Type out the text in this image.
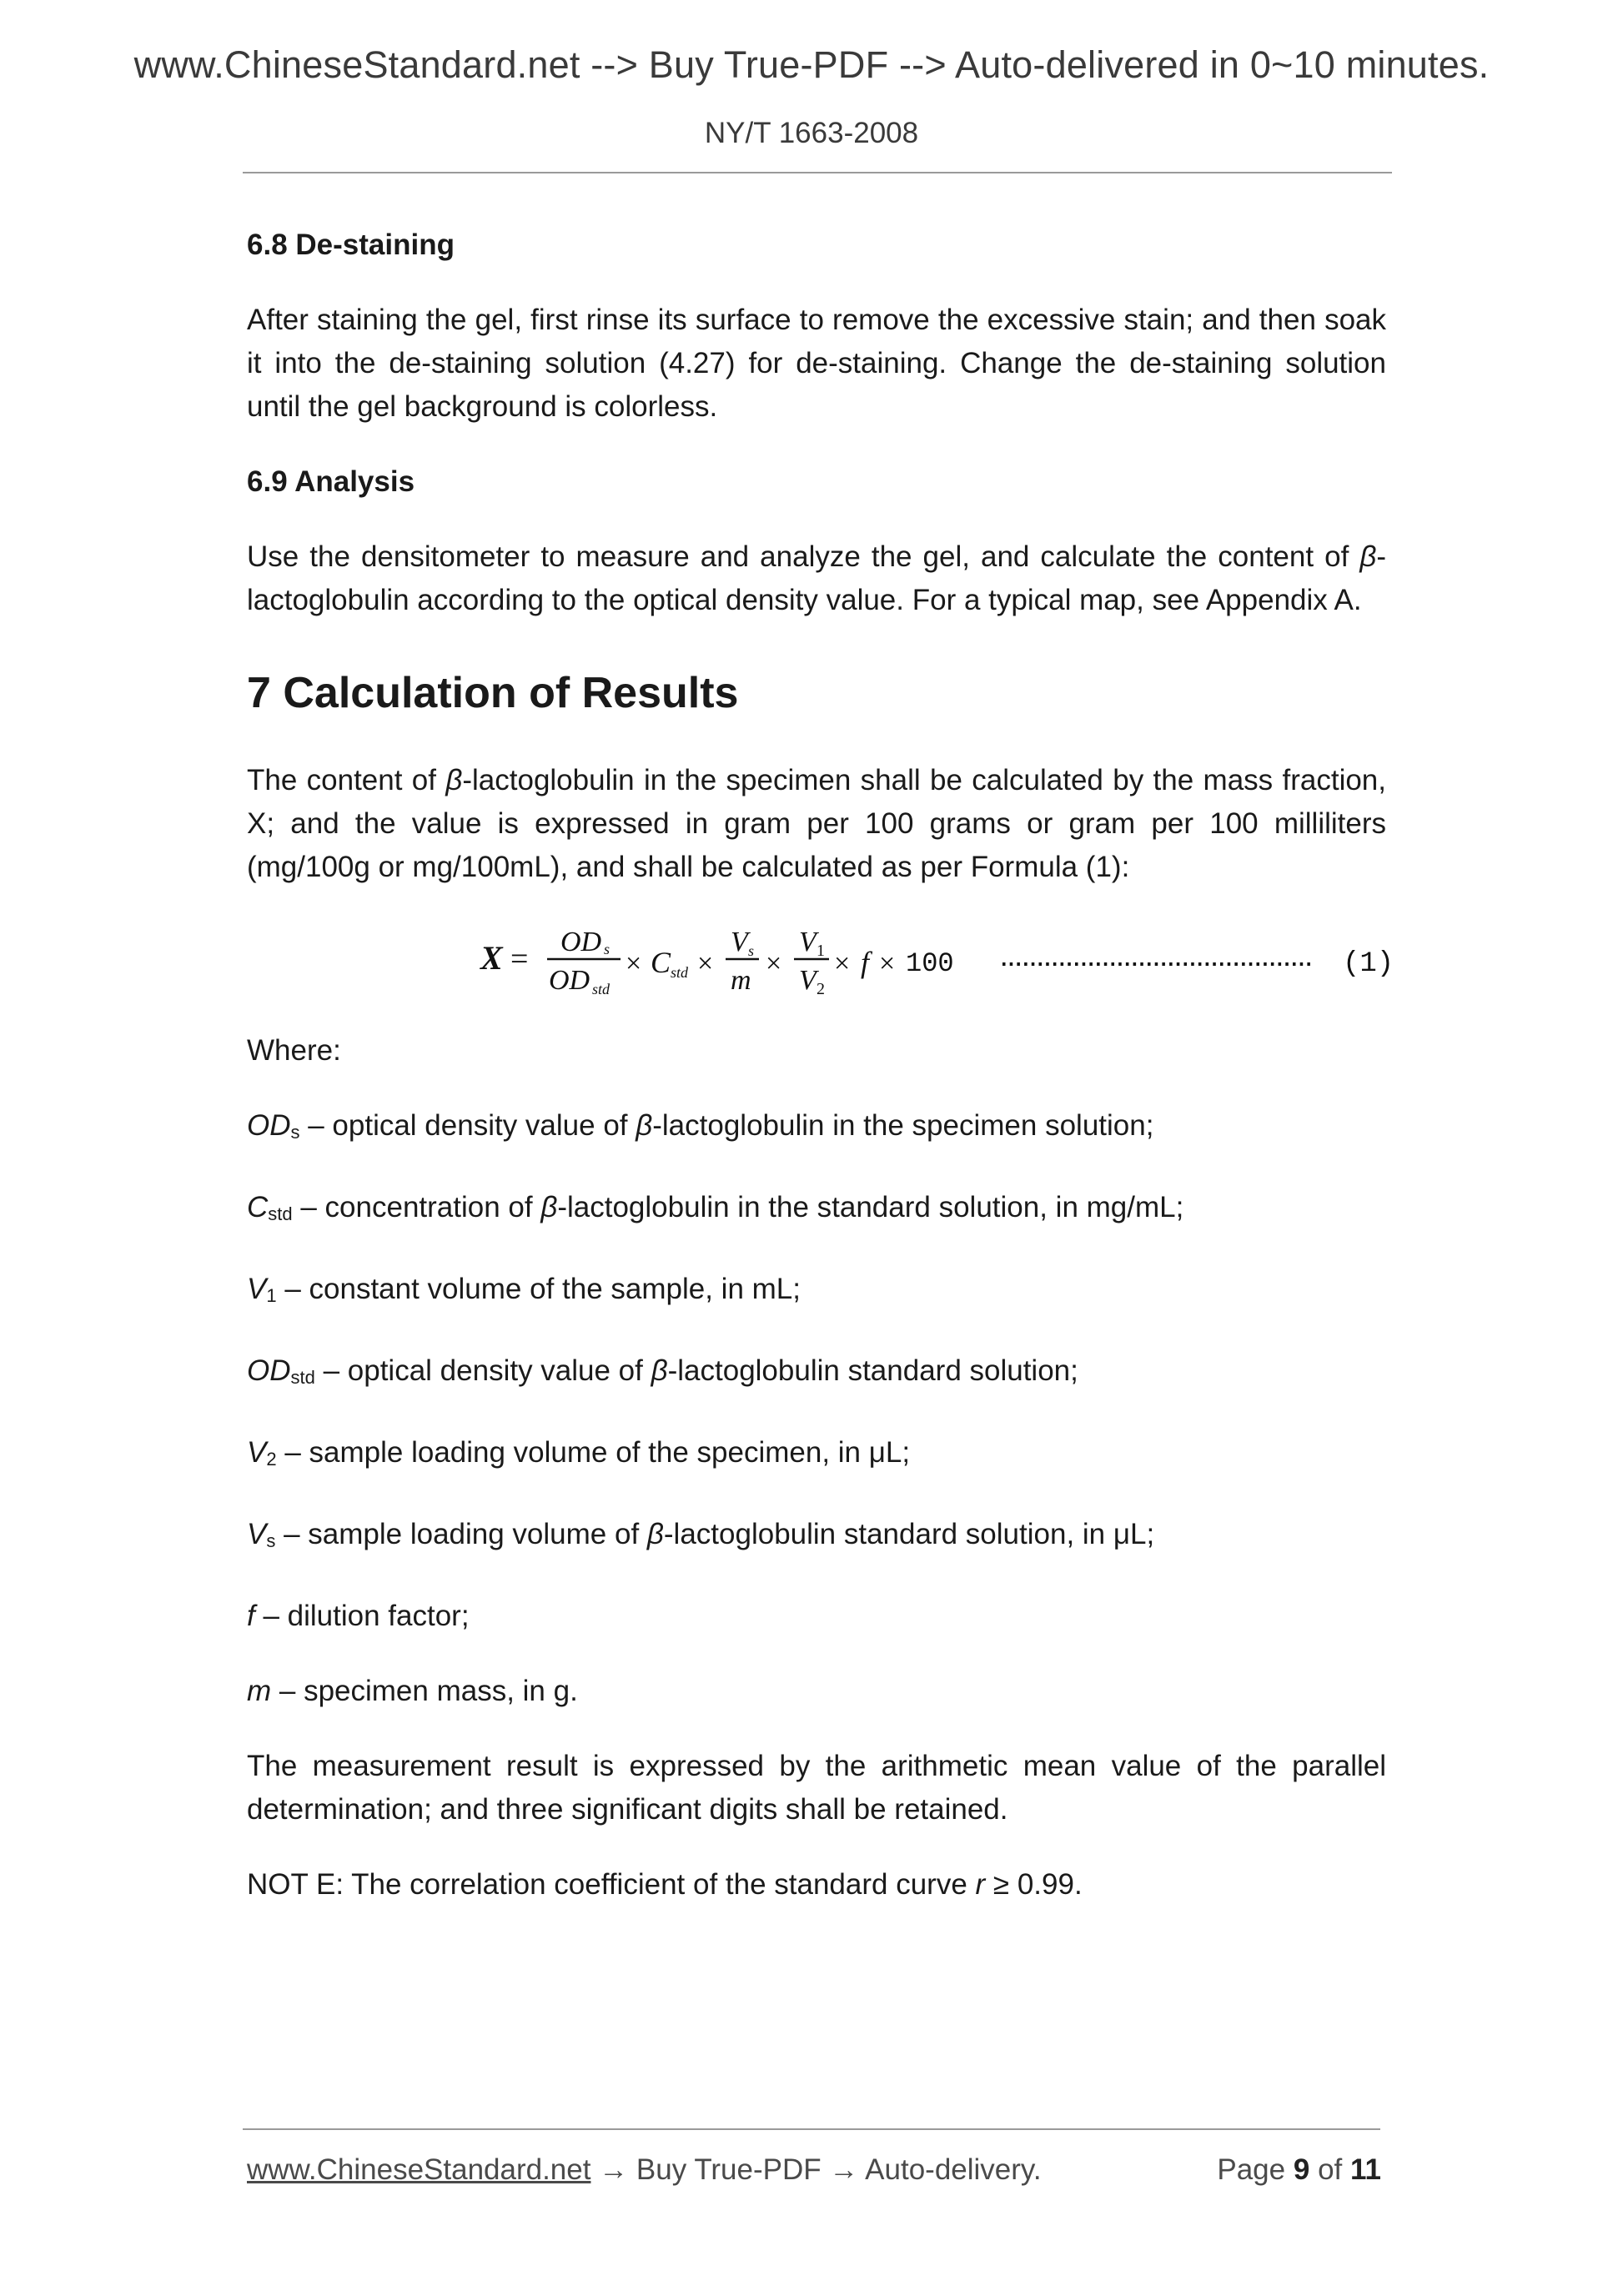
www.ChineseStandard.net --> Buy True-PDF --> Auto-delivered in 0~10 minutes.
NY/T 1663-2008

6.8 De-staining

After staining the gel, first rinse its surface to remove the excessive stain; and then soak it into the de-staining solution (4.27) for de-staining. Change the de-staining solution until the gel background is colorless.

6.9 Analysis

Use the densitometer to measure and analyze the gel, and calculate the content of β-lactoglobulin according to the optical density value. For a typical map, see Appendix A.

7 Calculation of Results

The content of β-lactoglobulin in the specimen shall be calculated by the mass fraction, X; and the value is expressed in gram per 100 grams or gram per 100 milliliters (mg/100g or mg/100mL), and shall be calculated as per Formula (1):

X = OD s
OD std
× C std ×
V s
m
×
V 1
V 2
× f × 100	(1)

Where:

$OD_s$ – optical density value of β-lactoglobulin in the specimen solution;

$C_{std}$ – concentration of β-lactoglobulin in the standard solution, in mg/mL;

$V_1$ – constant volume of the sample, in mL;

$OD_{std}$ – optical density value of β-lactoglobulin standard solution;

$V_2$ – sample loading volume of the specimen, in μL;

$V_s$ – sample loading volume of β-lactoglobulin standard solution, in μL;

f – dilution factor;

m – specimen mass, in g.

The measurement result is expressed by the arithmetic mean value of the parallel determination; and three significant digits shall be retained.

NOT E: The correlation coefficient of the standard curve r ≥ 0.99.

www.ChineseStandard.net → Buy True-PDF → Auto-delivery.	Page 9 of 11
